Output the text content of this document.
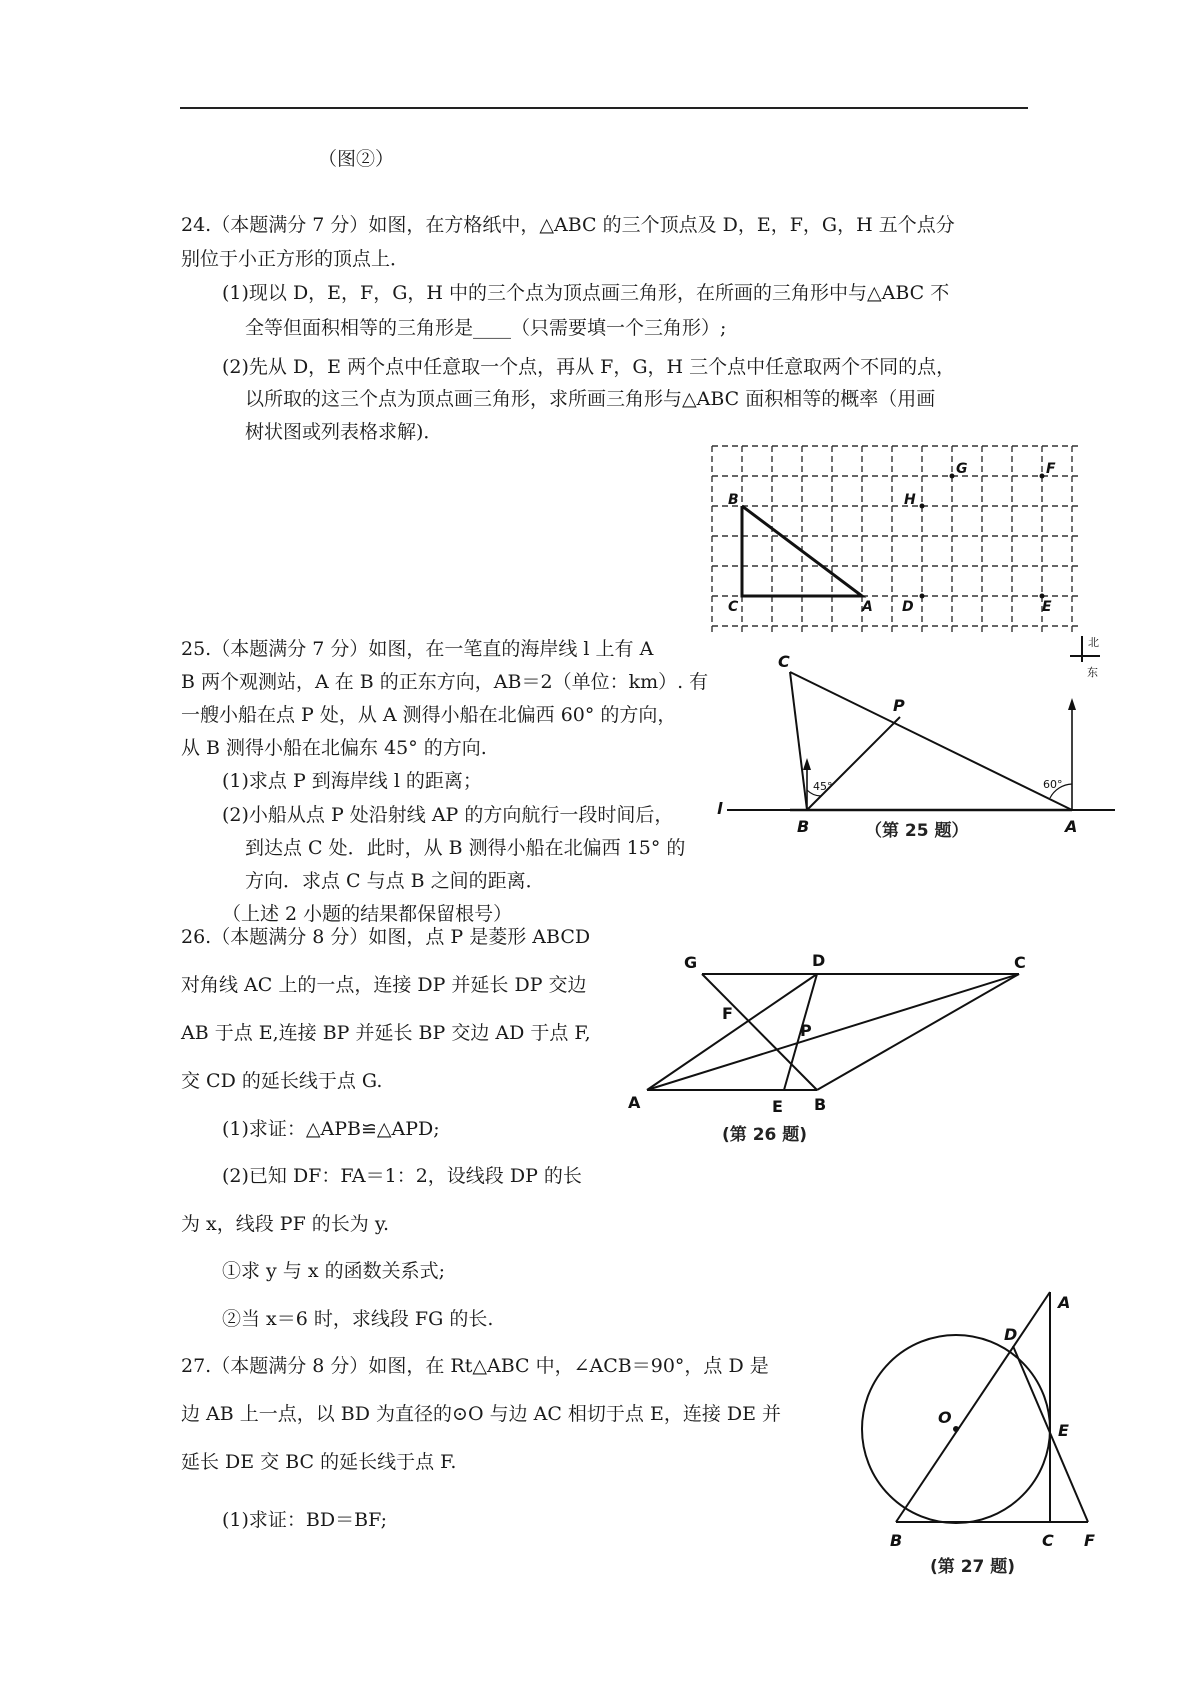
（图②）
24.（本题满分 7 分）如图，在方格纸中，△ABC 的三个顶点及 D，E，F，G，H 五个点分
别位于小正方形的顶点上．
(1)现以 D，E，F，G，H 中的三个点为顶点画三角形，在所画的三角形中与△ABC 不
全等但面积相等的三角形是____（只需要填一个三角形）;
(2)先从 D，E 两个点中任意取一个点，再从 F，G，H 三个点中任意取两个不同的点，
以所取的这三个点为顶点画三角形，求所画三角形与△ABC 面积相等的概率（用画
树状图或列表格求解)．
B
C	A D	E
F
G
H
25.（本题满分 7 分）如图，在一笔直的海岸线 l 上有 A
B 两个观测站，A 在 B 的正东方向，AB＝2（单位：km）. 有
一艘小船在点 P 处，从 A 测得小船在北偏西 60° 的方向，
从 B 测得小船在北偏东 45° 的方向.
(1)求点 P 到海岸线 l 的距离；
(2)小船从点 P 处沿射线 AP 的方向航行一段时间后，
到达点 C 处．此时，从 B 测得小船在北偏西 15° 的
方向．求点 C 与点 B 之间的距离．
（上述 2 小题的结果都保留根号）
C
P
B	A
l
45°	60°
北
东
（第 25 题）
26.（本题满分 8 分）如图，点 P 是菱形 ABCD
对角线 AC 上的一点，连接 DP 并延长 DP 交边
AB 于点 E,连接 BP 并延长 BP 交边 AD 于点 F,
交 CD 的延长线于点 G.
(1)求证：△APB≌△APD;
(2)已知 DF：FA＝1：2，设线段 DP 的长
为 x，线段 PF 的长为 y.
①求 y 与 x 的函数关系式;
②当 x＝6 时，求线段 FG 的长.
G	D	C
F
P
A	E B
(第 26 题)
27.（本题满分 8 分）如图，在 Rt△ABC 中，∠ACB＝90°，点 D 是
边 AB 上一点，以 BD 为直径的⊙O 与边 AC 相切于点 E，连接 DE 并
延长 DE 交 BC 的延长线于点 F.
(1)求证：BD＝BF;
A
D
O
E
B	C F
(第 27 题)
